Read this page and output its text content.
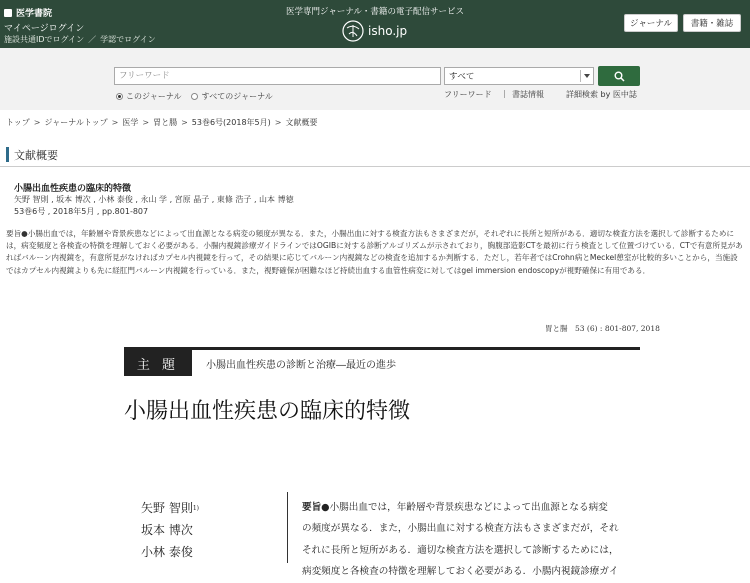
医学書院
マイページログイン
施設共通IDでログイン ／ 学認でログイン
医学専門ジャーナル・書籍の電子配信サービス
isho.jp	ジャーナル	書籍・雑誌
フリーワード
すべて
このジャーナル	すべてのジャーナル	フリーワード | 書誌情報	詳細検索 by 医中誌
トップ > ジャーナルトップ > 医学 > 胃と腸 > 53巻6号(2018年5月) > 文献概要
文献概要
小腸出血性疾患の臨床的特徴
矢野 智則 , 坂本 博次 , 小林 泰俊 , 永山 学 , 宮原 晶子 , 東條 浩子 , 山本 博徳
53巻6号 , 2018年5月 , pp.801-807
要旨●小腸出血では，年齢層や背景疾患などによって出血源となる病変の頻度が異なる．また，小腸出血に対する検査方法もさまざまだが，それぞれに長所と短所がある．適切な検査方法を選択して診断するためには，病変頻度と各検査の特徴を理解しておく必要がある．小腸内視鏡診療ガイドラインではOGIBに対する診断アルゴリズムが示されており，胸腹部造影CTを最初に行う検査として位置づけている．CTで有意所見があればバルーン内視鏡を，有意所見がなければカプセル内視鏡を行って，その結果に応じてバルーン内視鏡などの検査を追加するか判断する．ただし，若年者ではCrohn病とMeckel憩室が比較的多いことから，当施設ではカプセル内視鏡よりも先に経肛門バルーン内視鏡を行っている．また，視野確保が困難なほど持続出血する血管性病変に対してはgel immersion endoscopyが視野確保に有用である．
胃と腸　53 (6) : 801-807, 2018
主 題	小腸出血性疾患の診断と治療―最近の進歩
小腸出血性疾患の臨床的特徴
矢野 智則$^{1)}$
坂本 博次
小林 泰俊
要旨●小腸出血では，年齢層や背景疾患などによって出血源となる病変
の頻度が異なる．また，小腸出血に対する検査方法もさまざまだが，それ
それに長所と短所がある．適切な検査方法を選択して診断するためには，
病変頻度と各検査の特徴を理解しておく必要がある．小腸内視鏡診療ガイ
